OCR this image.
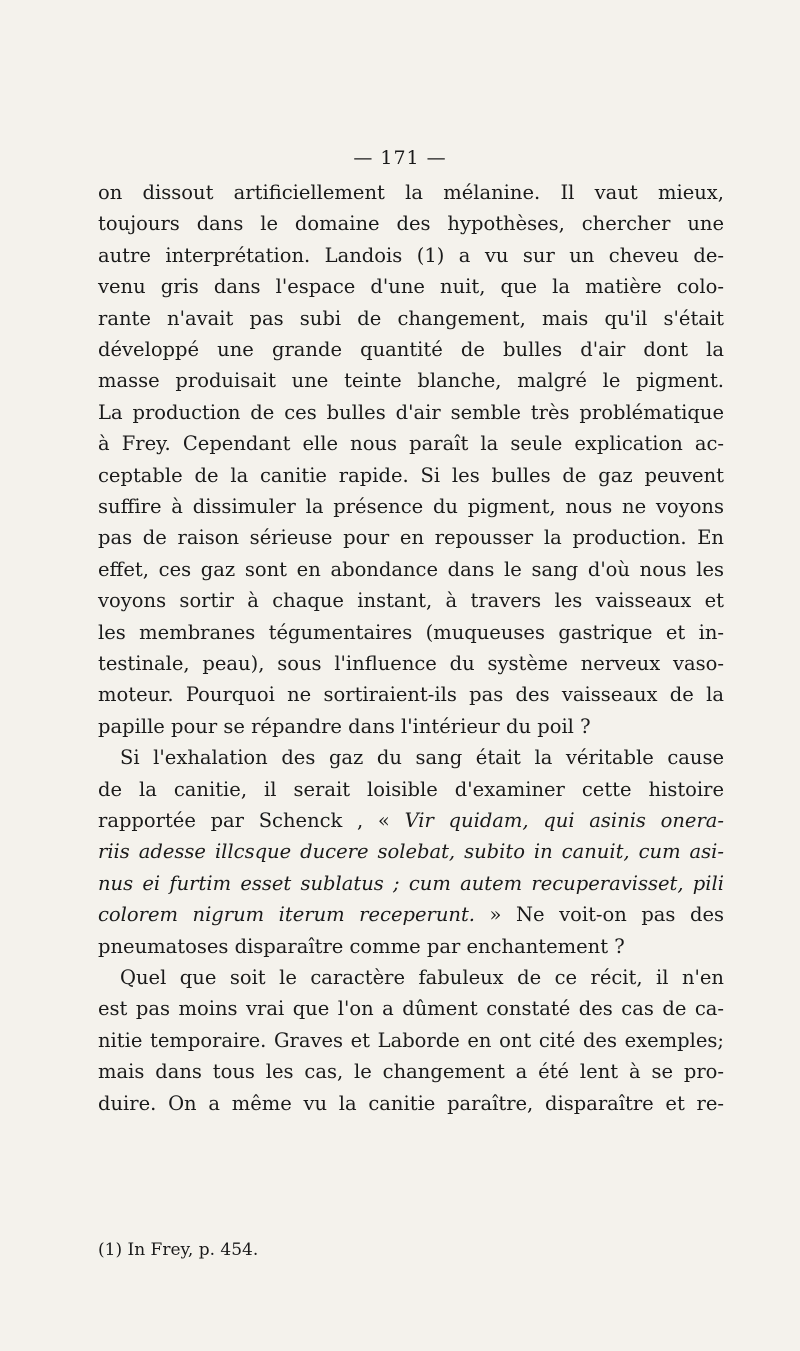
— 171 —
on dissout artificiellement la mélanine. Il vaut mieux,
toujours dans le domaine des hypothèses, chercher une
autre interprétation. Landois (1) a vu sur un cheveu de-
venu gris dans l'espace d'une nuit, que la matière colo-
rante n'avait pas subi de changement, mais qu'il s'était
développé une grande quantité de bulles d'air dont la
masse produisait une teinte blanche, malgré le pigment.
La production de ces bulles d'air semble très problématique
à Frey. Cependant elle nous paraît la seule explication ac-
ceptable de la canitie rapide. Si les bulles de gaz peuvent
suffire à dissimuler la présence du pigment, nous ne voyons
pas de raison sérieuse pour en repousser la production. En
effet, ces gaz sont en abondance dans le sang d'où nous les
voyons sortir à chaque instant, à travers les vaisseaux et
les membranes tégumentaires (muqueuses gastrique et in-
testinale, peau), sous l'influence du système nerveux vaso-
moteur. Pourquoi ne sortiraient-ils pas des vaisseaux de la
papille pour se répandre dans l'intérieur du poil ?
Si l'exhalation des gaz du sang était la véritable cause
de la canitie, il serait loisible d'examiner cette histoire
rapportée par Schenck , « Vir quidam, qui asinis onera-
riis adesse illcsque ducere solebat, subito in canuit, cum asi-
nus ei furtim esset sublatus ; cum autem recuperavisset, pili
colorem nigrum iterum receperunt. » Ne voit-on pas des
pneumatoses disparaître comme par enchantement ?
Quel que soit le caractère fabuleux de ce récit, il n'en
est pas moins vrai que l'on a dûment constaté des cas de ca-
nitie temporaire. Graves et Laborde en ont cité des exemples;
mais dans tous les cas, le changement a été lent à se pro-
duire. On a même vu la canitie paraître, disparaître et re-
(1) In Frey, p. 454.
